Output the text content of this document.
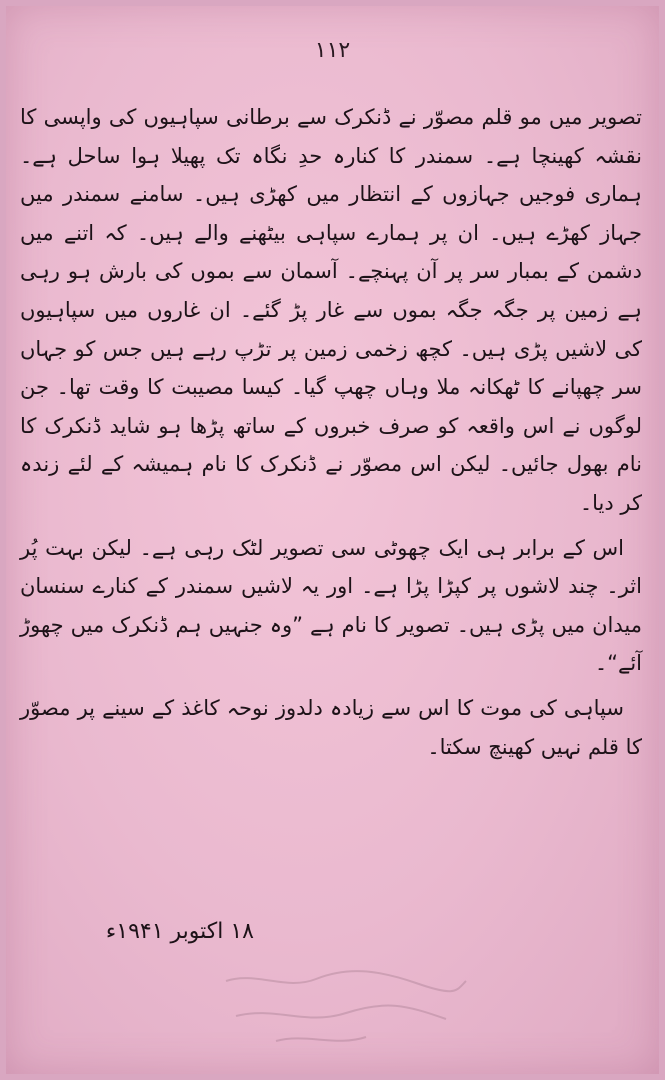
۱۱۲

تصویر میں مو قلم مصوّر نے ڈنکرک سے برطانی سپاہیوں کی واپسی کا نقشہ کھینچا ہے۔ سمندر کا کنارہ حدِ نگاہ تک پھیلا ہوا ساحل ہے۔ ہماری فوجیں جہازوں کے انتظار میں کھڑی ہیں۔ سامنے سمندر میں جہاز کھڑے ہیں۔ ان پر ہمارے سپاہی بیٹھنے والے ہیں۔ کہ اتنے میں دشمن کے بمبار سر پر آن پہنچے۔ آسمان سے بموں کی بارش ہو رہی ہے زمین پر جگہ جگہ بموں سے غار پڑ گئے۔ ان غاروں میں سپاہیوں کی لاشیں پڑی ہیں۔ کچھ زخمی زمین پر تڑپ رہے ہیں جس کو جہاں سر چھپانے کا ٹھکانہ ملا وہاں چھپ گیا۔ کیسا مصیبت کا وقت تھا۔ جن لوگوں نے اس واقعہ کو صرف خبروں کے ساتھ پڑھا ہو شاید ڈنکرک کا نام بھول جائیں۔ لیکن اس مصوّر نے ڈنکرک کا نام ہمیشہ کے لئے زندہ کر دیا۔

اس کے برابر ہی ایک چھوٹی سی تصویر لٹک رہی ہے۔ لیکن بہت پُر اثر۔ چند لاشوں پر کپڑا پڑا ہے۔ اور یہ لاشیں سمندر کے کنارے سنسان میدان میں پڑی ہیں۔ تصویر کا نام ہے ”وہ جنہیں ہم ڈنکرک میں چھوڑ آئے“۔

سپاہی کی موت کا اس سے زیادہ دلدوز نوحہ کاغذ کے سینے پر مصوّر کا قلم نہیں کھینچ سکتا۔

۱۸ اکتوبر ۱۹۴۱ء
